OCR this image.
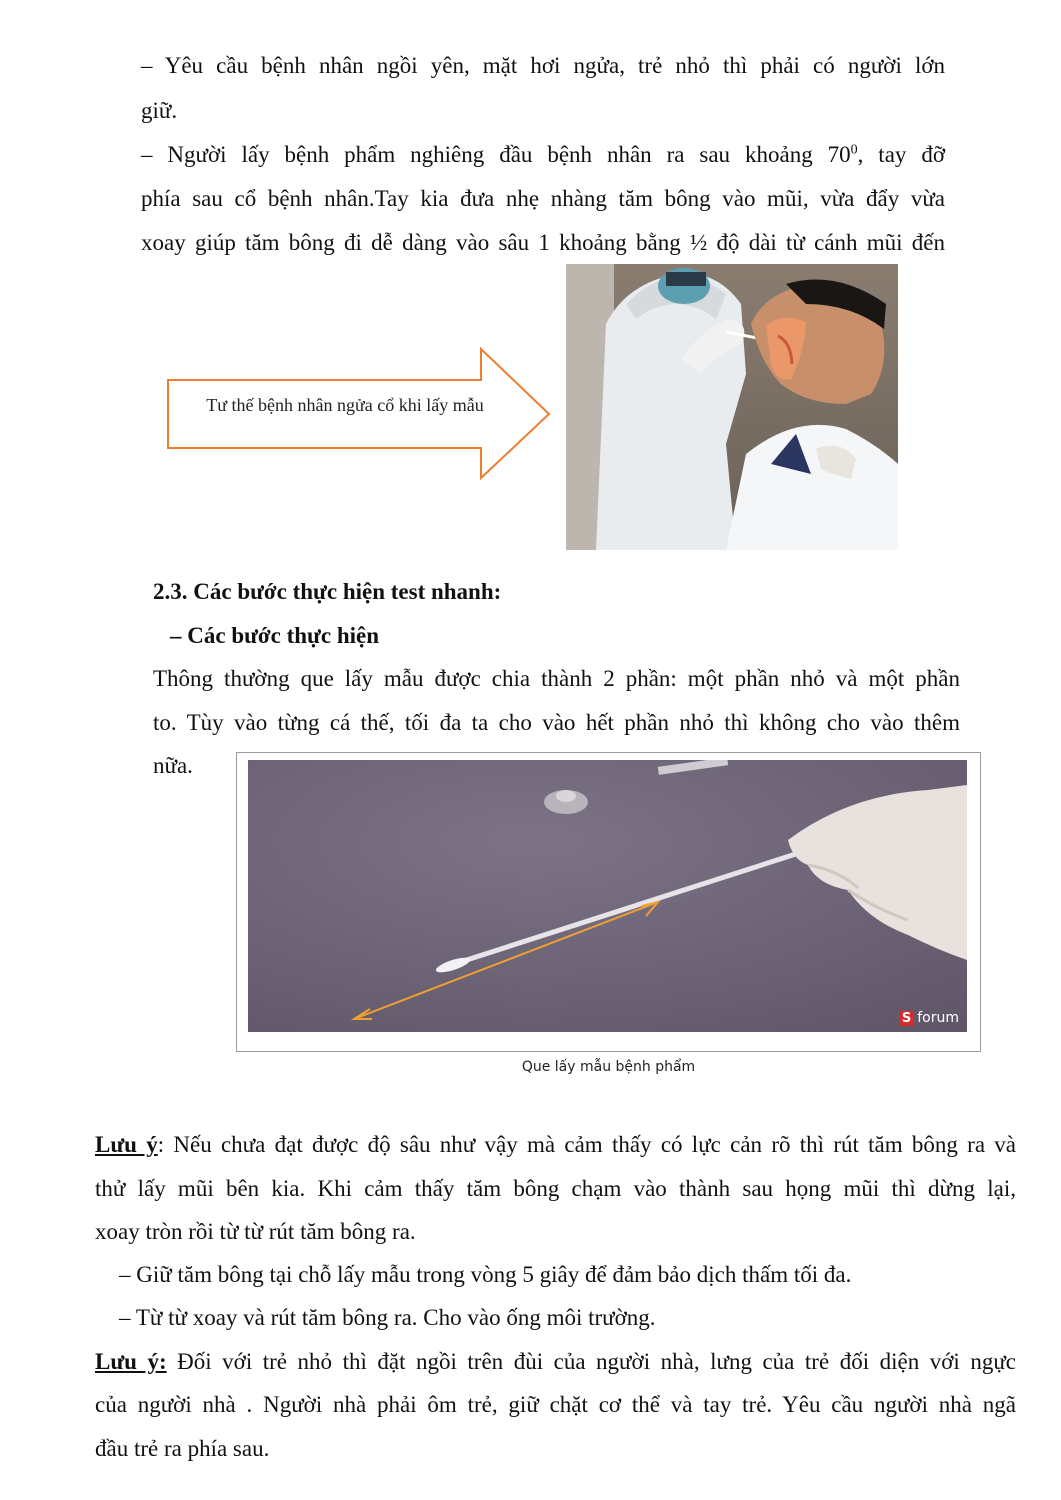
– Yêu cầu bệnh nhân ngồi yên, mặt hơi ngửa, trẻ nhỏ thì phải có người lớn
giữ.
– Người lấy bệnh phẩm nghiêng đầu bệnh nhân ra sau khoảng $70^0$, tay đỡ
phía sau cổ bệnh nhân.Tay kia đưa nhẹ nhàng tăm bông vào mũi, vừa đẩy vừa
xoay giúp tăm bông đi dễ dàng vào sâu 1 khoảng bằng ½ độ dài từ cánh mũi đến
Tư thế bệnh nhân ngửa cổ khi lấy mẫu
2.3. Các bước thực hiện test nhanh:
– Các bước thực hiện
Thông thường que lấy mẫu được chia thành 2 phần: một phần nhỏ và một phần
to. Tùy vào từng cá thế, tối đa ta cho vào hết phần nhỏ thì không cho vào thêm
nữa.
S forum
Que lấy mẫu bệnh phẩm
Lưu ý: Nếu chưa đạt được độ sâu như vậy mà cảm thấy có lực cản rõ thì rút tăm bông ra và
thử lấy mũi bên kia. Khi cảm thấy tăm bông chạm vào thành sau họng mũi thì dừng lại,
xoay tròn rồi từ từ rút tăm bông ra.
– Giữ tăm bông tại chỗ lấy mẫu trong vòng 5 giây để đảm bảo dịch thấm tối đa.
– Từ từ xoay và rút tăm bông ra. Cho vào ống môi trường.
Lưu ý: Đối với trẻ nhỏ thì đặt ngồi trên đùi của người nhà, lưng của trẻ đối diện với ngực
của người nhà . Người nhà phải ôm trẻ, giữ chặt cơ thể và tay trẻ. Yêu cầu người nhà ngã
đầu trẻ ra phía sau.
